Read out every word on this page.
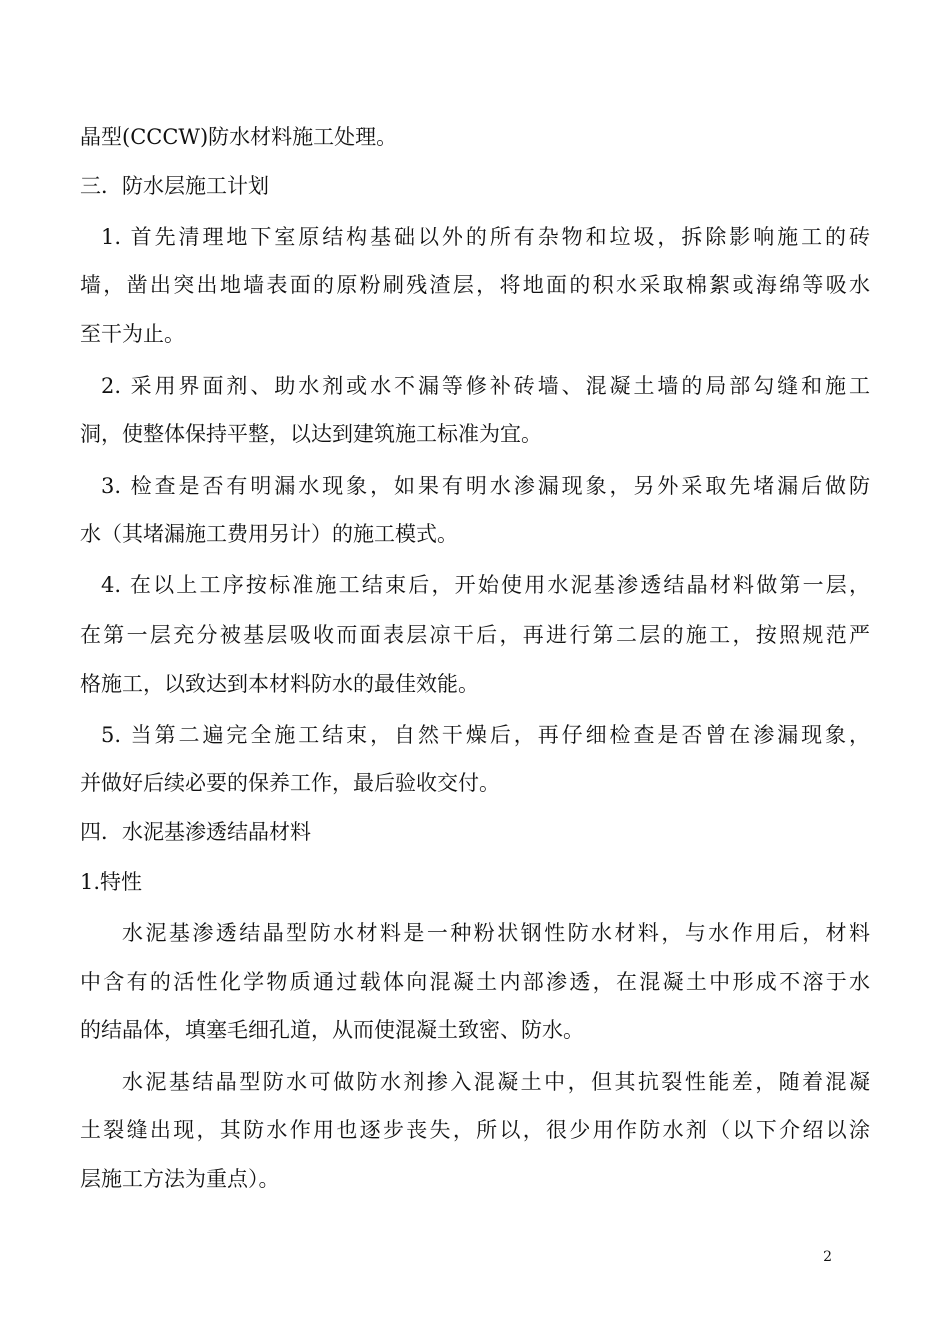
晶型(CCCW)防水材料施工处理。
三．防水层施工计划
1. 首先清理地下室原结构基础以外的所有杂物和垃圾，拆除影响施工的砖
墙，凿出突出地墙表面的原粉刷残渣层，将地面的积水采取棉絮或海绵等吸水
至干为止。
2. 采用界面剂、助水剂或水不漏等修补砖墙、混凝土墙的局部勾缝和施工
洞，使整体保持平整，以达到建筑施工标准为宜。
3. 检查是否有明漏水现象，如果有明水渗漏现象，另外采取先堵漏后做防
水（其堵漏施工费用另计）的施工模式。
4. 在以上工序按标准施工结束后，开始使用水泥基渗透结晶材料做第一层，
在第一层充分被基层吸收而面表层凉干后，再进行第二层的施工，按照规范严
格施工，以致达到本材料防水的最佳效能。
5. 当第二遍完全施工结束，自然干燥后，再仔细检查是否曾在渗漏现象，
并做好后续必要的保养工作，最后验收交付。
四．水泥基渗透结晶材料
1.特性
水泥基渗透结晶型防水材料是一种粉状钢性防水材料，与水作用后，材料
中含有的活性化学物质通过载体向混凝土内部渗透，在混凝土中形成不溶于水
的结晶体，填塞毛细孔道，从而使混凝土致密、防水。
水泥基结晶型防水可做防水剂掺入混凝土中，但其抗裂性能差，随着混凝
土裂缝出现，其防水作用也逐步丧失，所以，很少用作防水剂（以下介绍以涂
层施工方法为重点）。
2
